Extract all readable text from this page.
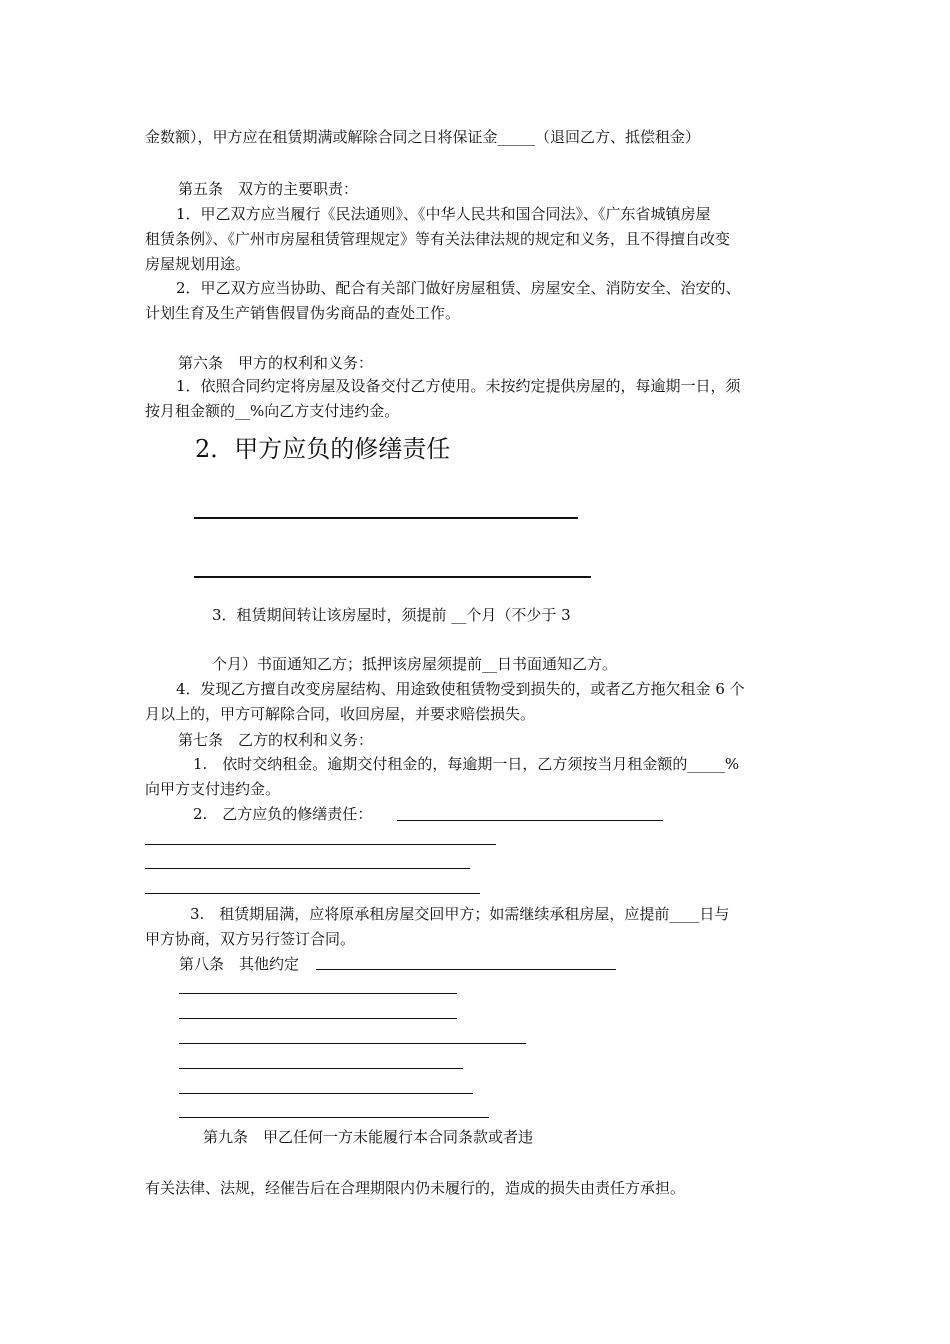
金数额），甲方应在租赁期满或解除合同之日将保证金_____（退回乙方、抵偿租金）
第五条　双方的主要职责：
1．甲乙双方应当履行《民法通则》、《中华人民共和国合同法》、《广东省城镇房屋
租赁条例》、《广州市房屋租赁管理规定》等有关法律法规的规定和义务，且不得擅自改变
房屋规划用途。
2．甲乙双方应当协助、配合有关部门做好房屋租赁、房屋安全、消防安全、治安的、
计划生育及生产销售假冒伪劣商品的查处工作。
第六条　甲方的权利和义务：
1．依照合同约定将房屋及设备交付乙方使用。未按约定提供房屋的，每逾期一日，须
按月租金额的__%向乙方支付违约金。
2．甲方应负的修缮责任
3．租赁期间转让该房屋时，须提前 __个月（不少于 3
个月）书面通知乙方；抵押该房屋须提前__日书面通知乙方。
4．发现乙方擅自改变房屋结构、用途致使租赁物受到损失的，或者乙方拖欠租金 6 个
月以上的，甲方可解除合同，收回房屋，并要求赔偿损失。
第七条　乙方的权利和义务：
1.　依时交纳租金。逾期交付租金的，每逾期一日，乙方须按当月租金额的_____%
向甲方支付违约金。
2.　乙方应负的修缮责任：
3.　租赁期届满，应将原承租房屋交回甲方；如需继续承租房屋，应提前____日与
甲方协商，双方另行签订合同。
第八条　其他约定
第九条　甲乙任何一方未能履行本合同条款或者违
有关法律、法规，经催告后在合理期限内仍未履行的，造成的损失由责任方承担。
